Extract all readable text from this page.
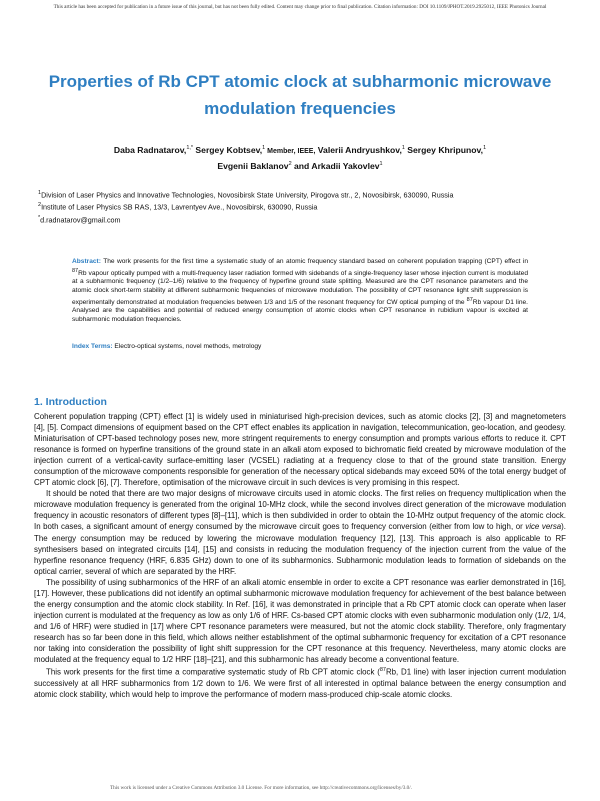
This article has been accepted for publication in a future issue of this journal, but has not been fully edited. Content may change prior to final publication. Citation information: DOI 10.1109/JPHOT.2019.2925012, IEEE Photonics Journal
Properties of Rb CPT atomic clock at subharmonic microwave modulation frequencies
Daba Radnatarov,$^{1,*}$ Sergey Kobtsev,$^1$ Member, IEEE, Valerii Andryushkov,$^1$ Sergey Khripunov,$^1$
Evgenii Baklanov$^2$ and Arkadii Yakovlev$^1$
$^1$Division of Laser Physics and Innovative Technologies, Novosibirsk State University, Pirogova str., 2, Novosibirsk, 630090, Russia
$^2$Institute of Laser Physics SB RAS, 13/3, Lavrentyev Ave., Novosibirsk, 630090, Russia
*d.radnatarov@gmail.com
Abstract: The work presents for the first time a systematic study of an atomic frequency standard based on coherent population trapping (CPT) effect in $^{87}$Rb vapour optically pumped with a multi-frequency laser radiation formed with sidebands of a single-frequency laser whose injection current is modulated at a subharmonic frequency (1/2–1/6) relative to the frequency of hyperfine ground state splitting. Measured are the CPT resonance parameters and the atomic clock short-term stability at different subharmonic frequencies of microwave modulation. The possibility of CPT resonance light shift suppression is experimentally demonstrated at modulation frequencies between 1/3 and 1/5 of the resonant frequency for CW optical pumping of the $^{87}$Rb vapour D1 line. Analysed are the capabilities and potential of reduced energy consumption of atomic clocks when CPT resonance in rubidium vapour is excited at subharmonic modulation frequencies.
Index Terms: Electro-optical systems, novel methods, metrology
1. Introduction

Coherent population trapping (CPT) effect [1] is widely used in miniaturised high-precision devices, such as atomic clocks [2], [3] and magnetometers [4], [5]. Compact dimensions of equipment based on the CPT effect enables its application in navigation, telecommunication, geo-location, and geodesy. Miniaturisation of CPT-based technology poses new, more stringent requirements to energy consumption and prompts various efforts to reduce it. CPT resonance is formed on hyperfine transitions of the ground state in an alkali atom exposed to bichromatic field created by microwave modulation of the injection current of a vertical-cavity surface-emitting laser (VCSEL) radiating at a frequency close to that of the ground state transition. Energy consumption of the microwave components responsible for generation of the necessary optical sidebands may exceed 50% of the total energy budget of CPT atomic clock [6], [7]. Therefore, optimisation of the microwave circuit in such devices is very promising in this respect.

It should be noted that there are two major designs of microwave circuits used in atomic clocks. The first relies on frequency multiplication when the microwave modulation frequency is generated from the original 10-MHz clock, while the second involves direct generation of the microwave modulation frequency in acoustic resonators of different types [8]–[11], which is then subdivided in order to obtain the 10-MHz output frequency of the atomic clock. In both cases, a significant amount of energy consumed by the microwave circuit goes to frequency conversion (either from low to high, or vice versa). The energy consumption may be reduced by lowering the microwave modulation frequency [12], [13]. This approach is also applicable to RF synthesisers based on integrated circuits [14], [15] and consists in reducing the modulation frequency of the injection current from the value of the hyperfine resonance frequency (HRF, 6.835 GHz) down to one of its subharmonics. Subharmonic modulation leads to formation of sidebands on the optical carrier, several of which are separated by the HRF.

The possibility of using subharmonics of the HRF of an alkali atomic ensemble in order to excite a CPT resonance was earlier demonstrated in [16], [17]. However, these publications did not identify an optimal subharmonic microwave modulation frequency for achievement of the best balance between the energy consumption and the atomic clock stability. In Ref. [16], it was demonstrated in principle that a Rb CPT atomic clock can operate when laser injection current is modulated at the frequency as low as only 1/6 of HRF. Cs-based CPT atomic clocks with even subharmonic modulation only (1/2, 1/4, and 1/6 of HRF) were studied in [17] where CPT resonance parameters were measured, but not the atomic clock stability. Therefore, only fragmentary research has so far been done in this field, which allows neither establishment of the optimal subharmonic frequency for excitation of a CPT resonance nor taking into consideration the possibility of light shift suppression for the CPT resonance at this frequency. Nevertheless, many atomic clocks are modulated at the frequency equal to 1/2 HRF [18]–[21], and this subharmonic has already become a conventional feature.

This work presents for the first time a comparative systematic study of Rb CPT atomic clock ($^{87}$Rb, D1 line) with laser injection current modulation successively at all HRF subharmonics from 1/2 down to 1/6. We were first of all interested in optimal balance between the energy consumption and atomic clock stability, which would help to improve the performance of modern mass-produced chip-scale atomic clocks.

This work is licensed under a Creative Commons Attribution 3.0 License. For more information, see http://creativecommons.org/licenses/by/3.0/.
